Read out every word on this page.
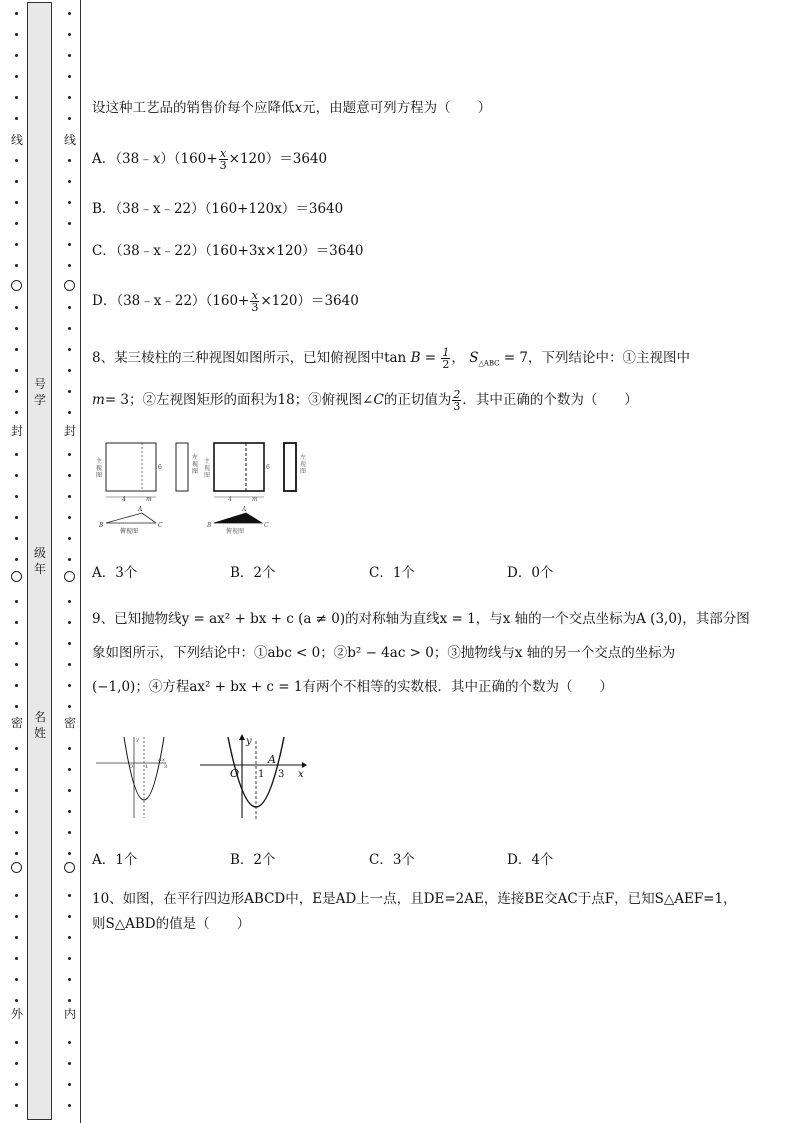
线
封
密
外
线
封
密
内
号学
级年
名姓
设这种工艺品的销售价每个应降低x元，由题意可列方程为（　　）
A．（38﹣x）（160+ $\frac{x}{3} \times 120)=3640$
B．（38﹣x﹣22）（160+120x）＝3640
C．（38﹣x﹣22）（160+3x×120）＝3640
D．（38﹣x﹣22）（160+ $\frac{x}{3} \times 120)=3640$
8、某三棱柱的三种视图如图所示，已知俯视图中$\tan B = \frac{1}{2}$ ， $S_{\triangle ABC} = 7$，下列结论中：①主视图中
m= 3；②左视图矩形的面积为18；③俯视图∠C的正切值为 $\frac{2}{3}$ ．其中正确的个数为（　　）
主
视
图
6
4	m
左
视
图
A
B	C
俯视图
主
视
图
6
4	m
左
视
图
A
B	C
俯视图
A．3个	B．2个	C．1个	D．0个
9、已知抛物线y = ax² + bx + c (a ≠ 0)的对称轴为直线x = 1，与x 轴的一个交点坐标为A (3,0)，其部分图
象如图所示，下列结论中：①abc < 0；②b² − 4ac > 0；③抛物线与x 轴的另一个交点的坐标为
(−1,0)；④方程ax² + bx + c = 1有两个不相等的实数根．其中正确的个数为（　　）
O 1
A
3
y
x
O 1
A
3
y
x
A．1个	B．2个	C．3个	D．4个
10、如图，在平行四边形ABCD中，E是AD上一点，且DE=2AE，连接BE交AC于点F，已知S△AEF=1，
则S△ABD的值是（　　）
